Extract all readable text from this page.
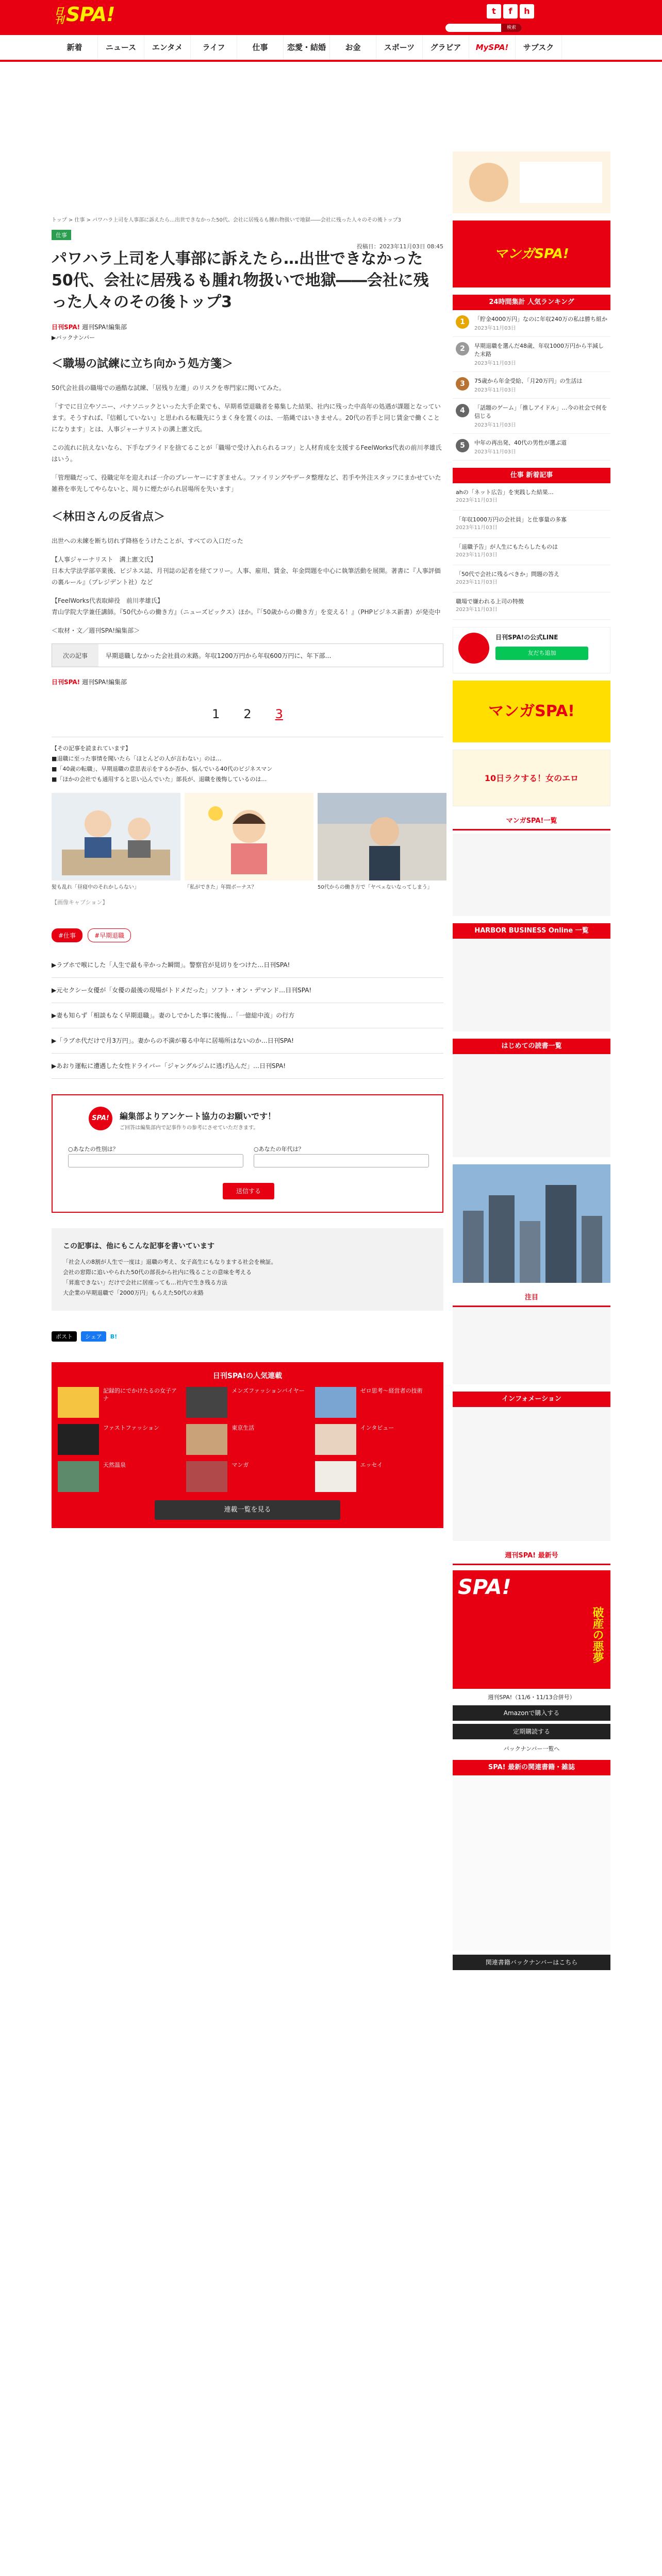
日刊 SPA!	t	f	h
検索
新着	ニュース	エンタメ	ライフ	仕事	恋愛・結婚	お金	スポーツ	グラビア	MySPA!	サブスク
トップ > 仕事 > パワハラ上司を人事部に訴えたら…出世できなかった50代、会社に居残るも腫れ物扱いで地獄――会社に残った人々のその後トップ3
仕事
投稿日：2023年11月03日 08:45
パワハラ上司を人事部に訴えたら…出世できなかった50代、会社に居残るも腫れ物扱いで地獄――会社に残った人々のその後トップ3
日刊SPA! 週刊SPA!編集部
▶バックナンバー
＜職場の試練に立ち向かう処方箋＞

50代会社員の職場での過酷な試練、「居残り左遷」のリスクを専門家に聞いてみた。

「すでに日立やソニー、パナソニックといった大手企業でも、早期希望退職者を募集した結果、社内に残った中高年の処遇が課題となっています。そうすれば、『信頼していない』と思われる転職先にうまく身を置くのは、一筋縄ではいきません。20代の若手と同じ賃金で働くことになります」とは、人事ジャーナリストの溝上憲文氏。

この流れに抗えないなら、下手なプライドを捨てることが「職場で受け入れられるコツ」と人材育成を支援するFeelWorks代表の前川孝雄氏はいう。

「管理職だって、役職定年を迎えれば一介のプレーヤーにすぎません。ファイリングやデータ整理など、若手や外注スタッフにまかせていた雑務を率先してやらないと、周りに煙たがられ居場所を失います」

＜林田さんの反省点＞

出世への未練を断ち切れず降格をうけたことが、すべての入口だった

【人事ジャーナリスト　溝上憲文氏】

日本大学法学部卒業後、ビジネス誌、月刊誌の記者を経てフリー。人事、雇用、賃金、年金問題を中心に執筆活動を展開。著書に『人事評価の裏ルール』（プレジデント社）など

【FeelWorks代表取締役　前川孝雄氏】

青山学院大学兼任講師。『50代からの働き方』（ニューズピックス）ほか。『「50歳からの働き方」を変える！』（PHPビジネス新書）が発売中

＜取材・文／週刊SPA!編集部＞

次の記事	早期退職しなかった会社員の末路。年収1200万円から年収600万円に、年下部…
日刊SPA! 週刊SPA!編集部
1 2 3
【その記事を読まれています】
■退職に至った事情を聞いたら「ほとんどの人が言わない」のは…
■「40歳の転職」、早期退職の意思表示をするか否か、悩んでいる40代のビジネスマン
■「ほかの会社でも通用すると思い込んでいた」部長が、退職を後悔しているのは…
髪も乱れ「昼寝中のそれかしらない」	「私ができた」年間ボーナス？	50代からの働き方で「ヤベェないなってしまう」
【画像キャプション】
#仕事	#早期退職
▶ラブホで喉にした「人生で最も辛かった瞬間」。警察官が見切りをつけた…日刊SPA!
▶元セクシー女優が「女優の最後の現場がトドメだった」ソフト・オン・デマンド…日刊SPA!
▶妻も知らず「相談もなく早期退職」。妻のしでかした事に後悔…「一億総中流」の行方
▶「ラブホ代だけで月3万円」。妻からの不満が募る中年に居場所はないのか…日刊SPA!
▶あおり運転に遭遇した女性ドライバー「ジャングルジムに逃げ込んだ」…日刊SPA!
SPA!	編集部よりアンケート協力のお願いです！
ご回答は編集部内で記事作りの参考にさせていただきます。
○あなたの性別は？	○あなたの年代は？
送信する
この記事は、他にもこんな記事を書いています
「社会人の8割が人生で一度は」退職の考え、女子高生にもなりまする社会を検証。
会社の窓際に追いやられた50代の部長から社内に残ることの意味を考える
「昇進できない」だけで会社に居座っても…社内で生き残る方法
大企業の早期退職で「2000万円」もらえた50代の末路
ポスト	シェア	B!
日刊SPA!の人気連載
記録的にでかけたるの女子アナ
メンズファッションバイヤー	ゼロ思考～経営者の技術
ファストファッション	東京生活	インタビュー
天然温泉	マンガ	エッセイ
連載一覧を見る
マンガSPA!
24時間集計 人気ランキング
1	「貯金4000万円」なのに年収240万の私は勝ち組か
2023年11月03日
2	早期退職を選んだ48歳、年収1000万円から半減した末路
2023年11月03日
3	75歳から年金受給、「月20万円」の生活は
2023年11月03日
4	「話題のゲーム」「推しアイドル」…今の社会で何を信じる
2023年11月03日
5	中年の再出発、40代の男性が選ぶ道
2023年11月03日
仕事 新着記事
ahの「ネット広告」を実践した結果…
2023年11月03日
「年収1000万円の会社員」と仕事量の多寡
2023年11月03日
「退職予告」が人生にもたらしたものは
2023年11月03日
「50代で会社に残るべきか」問題の答え
2023年11月03日
職場で嫌われる上司の特徴
2023年11月03日
日刊SPA!の公式LINE
友だち追加
マンガSPA!
10日ラクする！女のエロ
マンガSPA!一覧
HARBOR BUSINESS Online 一覧
はじめての読書一覧
注目
インフォメーション
週刊SPA! 最新号
SPA!
破産の悪夢
週刊SPA!（11/6・11/13合併号）
Amazonで購入する
定期購読する
バックナンバー一覧へ
SPA! 最新の関連書籍・雑誌
関連書籍バックナンバーはこちら
